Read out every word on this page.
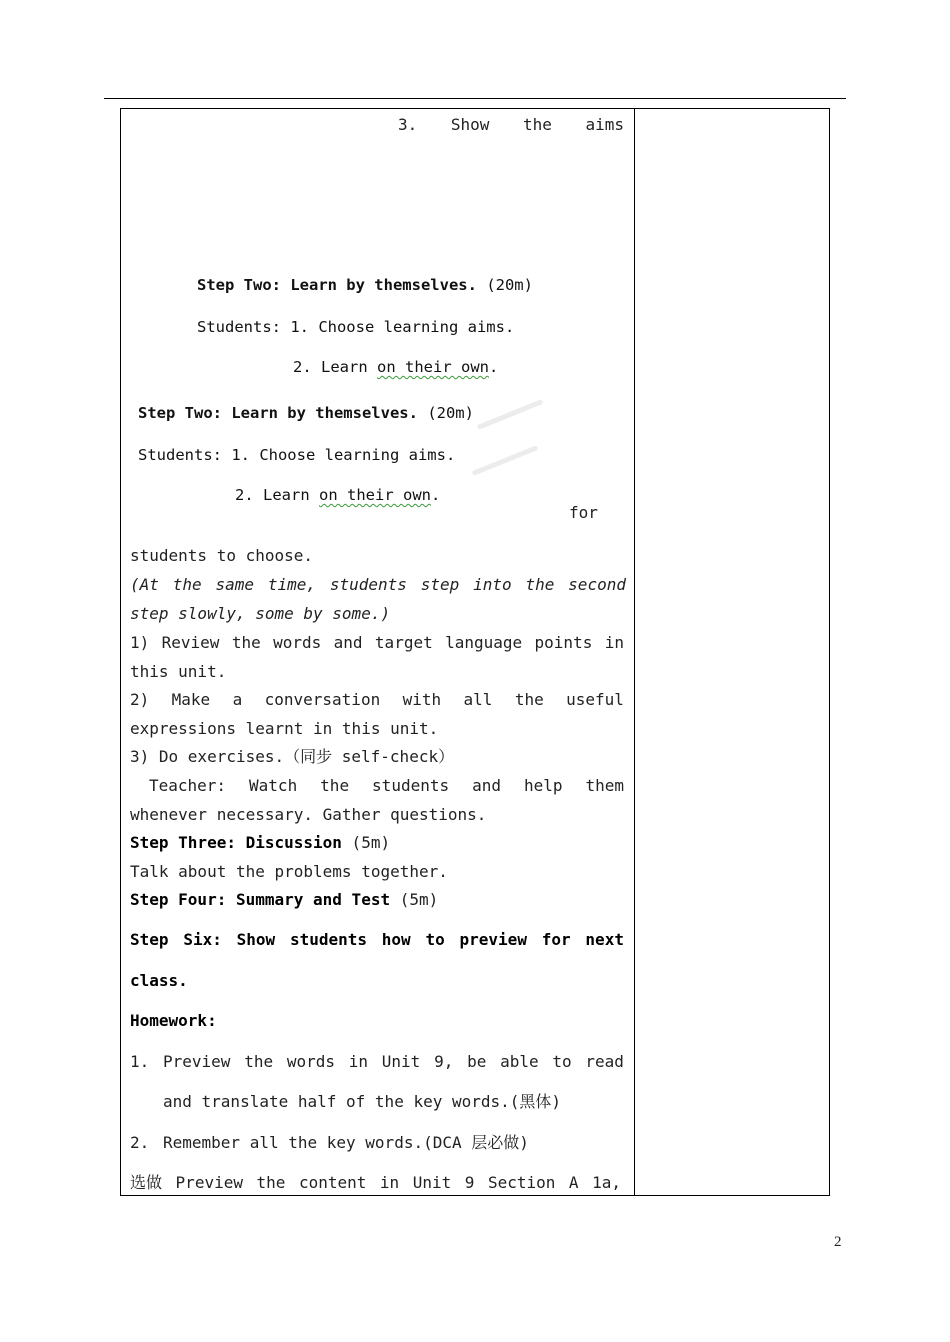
3. Show the aims
Step Two: Learn by themselves. (20m)
Students: 1. Choose learning aims.
2. Learn on their own.
Step Two: Learn by themselves. (20m)
Students: 1. Choose learning aims.
2. Learn on their own.
for
students to choose.
(At the same time, students step into the second
step slowly, some by some.)
1) Review the words and target language points in
this unit.
2) Make a conversation with all the useful
expressions learnt in this unit.
3) Do exercises.（同步 self-check）
Teacher: Watch the students and help them
whenever necessary. Gather questions.
Step Three: Discussion (5m)
Talk about the problems together.
Step Four: Summary and Test (5m)
Step Six: Show students how to preview for next
class.
Homework:
1. Preview the words in Unit 9, be able to read
and translate half of the key words.(黑体)
2. Remember all the key words.(DCA 层必做)
选做 Preview the content in Unit 9 Section A 1a,
2
